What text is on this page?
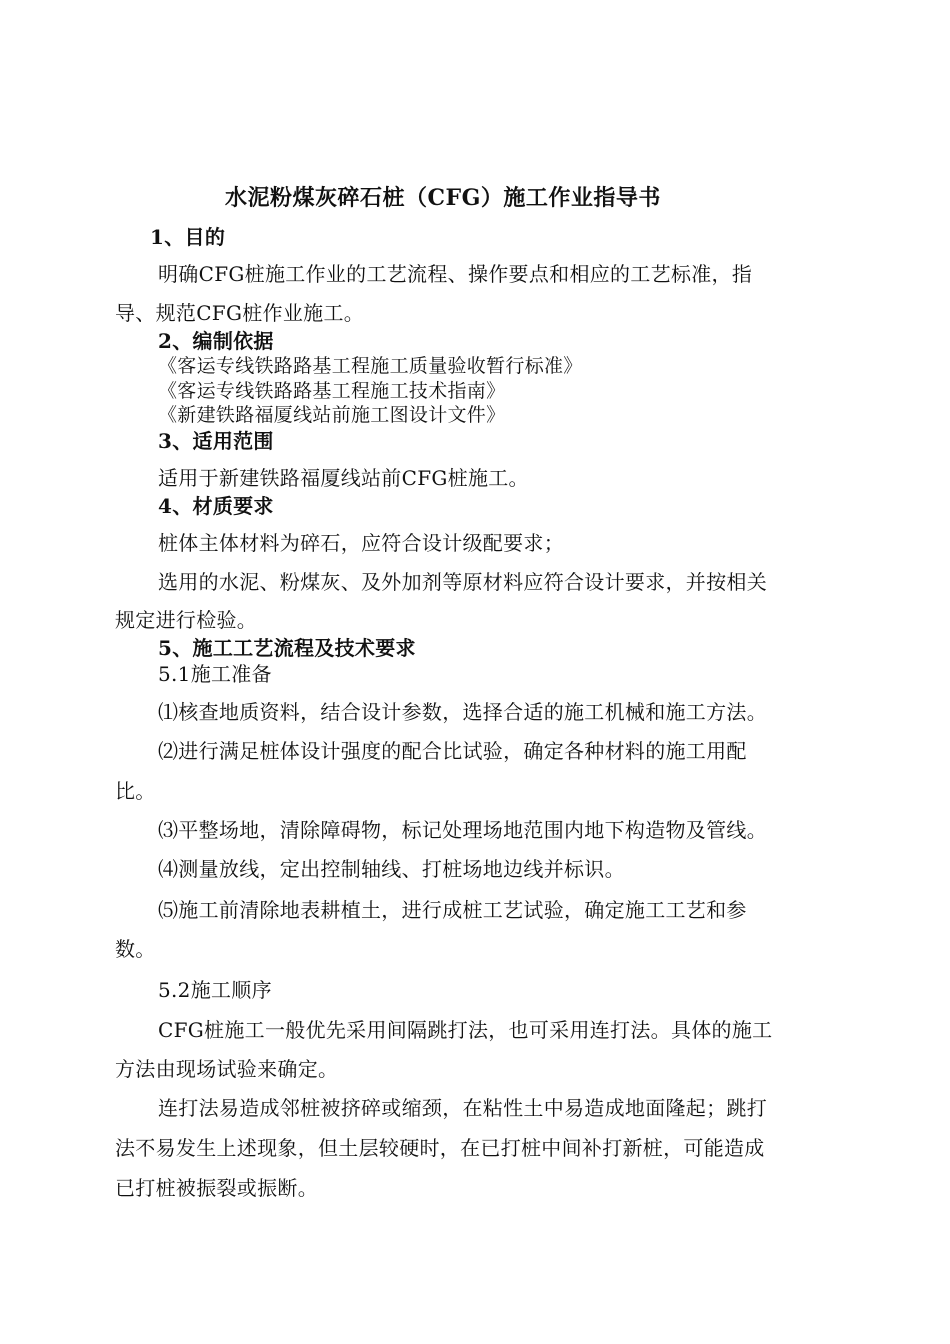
水泥粉煤灰碎石桩（CFG）施工作业指导书
1、目的
明确CFG桩施工作业的工艺流程、操作要点和相应的工艺标准，指
导、规范CFG桩作业施工。
2、编制依据
《客运专线铁路路基工程施工质量验收暂行标准》
《客运专线铁路路基工程施工技术指南》
《新建铁路福厦线站前施工图设计文件》
3、适用范围
适用于新建铁路福厦线站前CFG桩施工。
4、材质要求
桩体主体材料为碎石，应符合设计级配要求；
选用的水泥、粉煤灰、及外加剂等原材料应符合设计要求，并按相关
规定进行检验。
5、施工工艺流程及技术要求
5.1施工准备
⑴核查地质资料，结合设计参数，选择合适的施工机械和施工方法。
⑵进行满足桩体设计强度的配合比试验，确定各种材料的施工用配
比。
⑶平整场地，清除障碍物，标记处理场地范围内地下构造物及管线。
⑷测量放线，定出控制轴线、打桩场地边线并标识。
⑸施工前清除地表耕植土，进行成桩工艺试验，确定施工工艺和参
数。
5.2施工顺序
CFG桩施工一般优先采用间隔跳打法，也可采用连打法。具体的施工
方法由现场试验来确定。
连打法易造成邻桩被挤碎或缩颈，在粘性土中易造成地面隆起；跳打
法不易发生上述现象，但土层较硬时，在已打桩中间补打新桩，可能造成
已打桩被振裂或振断。
